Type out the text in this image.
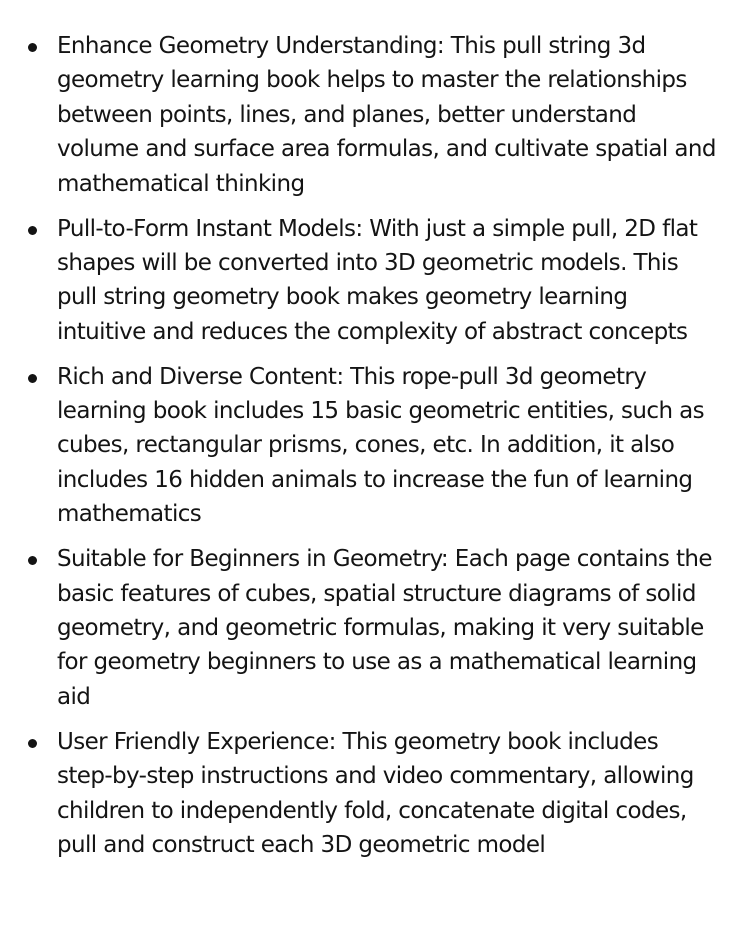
Enhance Geometry Understanding: This pull string 3d geometry learning book helps to master the relationships between points, lines, and planes, better understand volume and surface area formulas, and cultivate spatial and mathematical thinking
Pull-to-Form Instant Models: With just a simple pull, 2D flat shapes will be converted into 3D geometric models. This pull string geometry book makes geometry learning intuitive and reduces the complexity of abstract concepts
Rich and Diverse Content: This rope-pull 3d geometry learning book includes 15 basic geometric entities, such as cubes, rectangular prisms, cones, etc. In addition, it also includes 16 hidden animals to increase the fun of learning mathematics
Suitable for Beginners in Geometry: Each page contains the basic features of cubes, spatial structure diagrams of solid geometry, and geometric formulas, making it very suitable for geometry beginners to use as a mathematical learning aid
User Friendly Experience: This geometry book includes step-by-step instructions and video commentary, allowing children to independently fold, concatenate digital codes, pull and construct each 3D geometric model
